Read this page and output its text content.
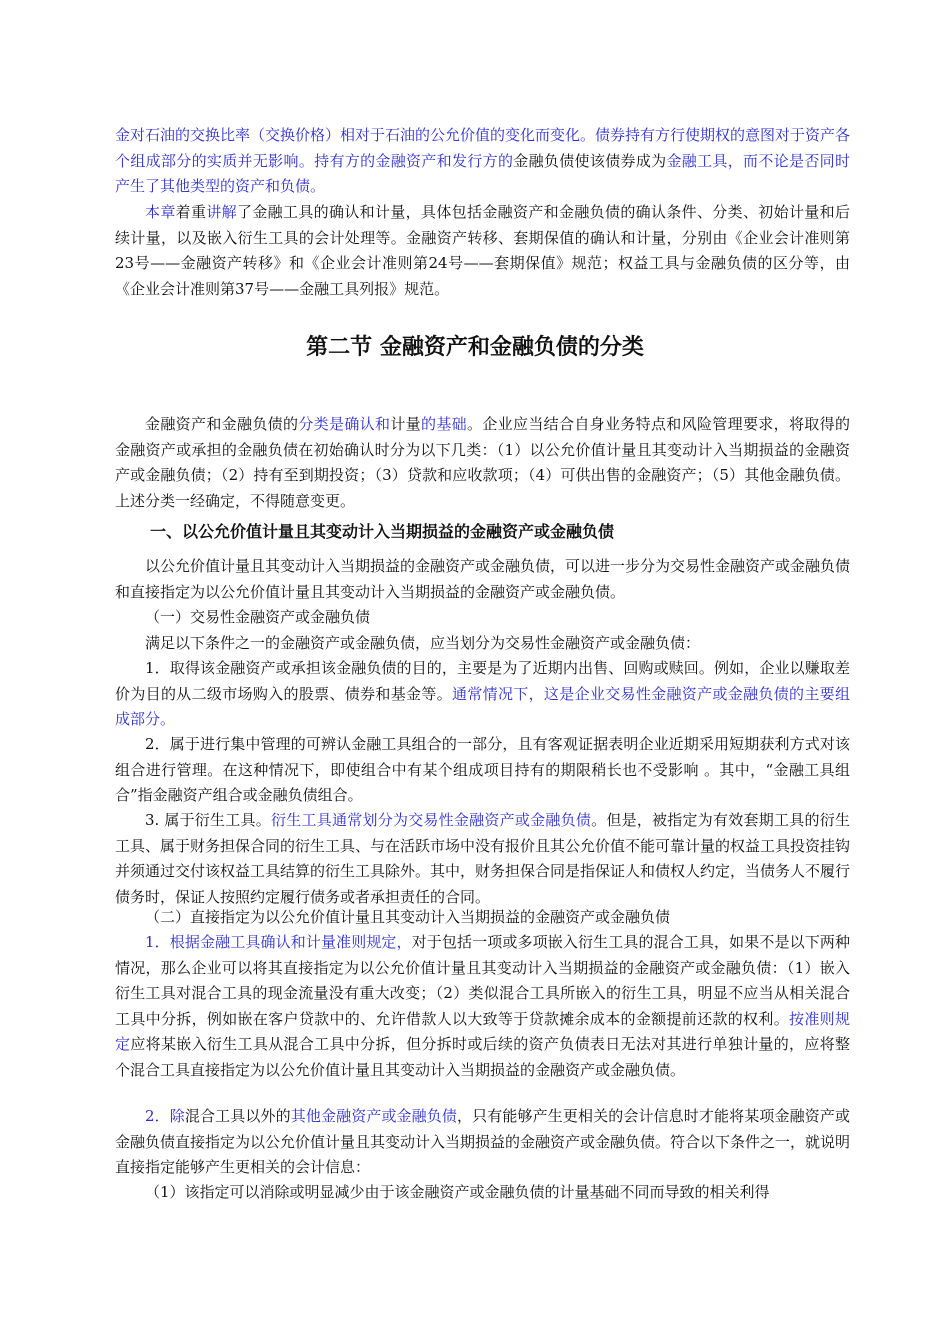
金对石油的交换比率（交换价格）相对于石油的公允价值的变化而变化。债券持有方行使期权的意图对于资产各个组成部分的实质并无影响。持有方的金融资产和发行方的金融负债使该债券成为金融工具，而不论是否同时产生了其他类型的资产和负债。

本章着重讲解了金融工具的确认和计量，具体包括金融资产和金融负债的确认条件、分类、初始计量和后续计量，以及嵌入衍生工具的会计处理等。金融资产转移、套期保值的确认和计量，分别由《企业会计准则第23号——金融资产转移》和《企业会计准则第24号——套期保值》规范；权益工具与金融负债的区分等，由《企业会计准则第37号——金融工具列报》规范。

第二节 金融资产和金融负债的分类

金融资产和金融负债的分类是确认和计量的基础。企业应当结合自身业务特点和风险管理要求，将取得的金融资产或承担的金融负债在初始确认时分为以下几类：（1）以公允价值计量且其变动计入当期损益的金融资产或金融负债；（2）持有至到期投资；（3）贷款和应收款项；（4）可供出售的金融资产；（5）其他金融负债。上述分类一经确定，不得随意变更。

一、以公允价值计量且其变动计入当期损益的金融资产或金融负债

以公允价值计量且其变动计入当期损益的金融资产或金融负债，可以进一步分为交易性金融资产或金融负债和直接指定为以公允价值计量且其变动计入当期损益的金融资产或金融负债。

（一）交易性金融资产或金融负债

满足以下条件之一的金融资产或金融负债，应当划分为交易性金融资产或金融负债：

1．取得该金融资产或承担该金融负债的目的，主要是为了近期内出售、回购或赎回。例如，企业以赚取差价为目的从二级市场购入的股票、债券和基金等。通常情况下，这是企业交易性金融资产或金融负债的主要组成部分。

2．属于进行集中管理的可辨认金融工具组合的一部分，且有客观证据表明企业近期采用短期获利方式对该组合进行管理。在这种情况下，即使组合中有某个组成项目持有的期限稍长也不受影响 。其中，“金融工具组合”指金融资产组合或金融负债组合。

3. 属于衍生工具。衍生工具通常划分为交易性金融资产或金融负债。但是，被指定为有效套期工具的衍生工具、属于财务担保合同的衍生工具、与在活跃市场中没有报价且其公允价值不能可靠计量的权益工具投资挂钩并须通过交付该权益工具结算的衍生工具除外。其中，财务担保合同是指保证人和债权人约定，当债务人不履行债务时，保证人按照约定履行债务或者承担责任的合同。

（二）直接指定为以公允价值计量且其变动计入当期损益的金融资产或金融负债

1．根据金融工具确认和计量准则规定，对于包括一项或多项嵌入衍生工具的混合工具，如果不是以下两种情况，那么企业可以将其直接指定为以公允价值计量且其变动计入当期损益的金融资产或金融负债：（1）嵌入衍生工具对混合工具的现金流量没有重大改变；（2）类似混合工具所嵌入的衍生工具，明显不应当从相关混合工具中分拆，例如嵌在客户贷款中的、允许借款人以大致等于贷款摊余成本的金额提前还款的权利。按准则规定应将某嵌入衍生工具从混合工具中分拆，但分拆时或后续的资产负债表日无法对其进行单独计量的，应将整个混合工具直接指定为以公允价值计量且其变动计入当期损益的金融资产或金融负债。

2．除混合工具以外的其他金融资产或金融负债，只有能够产生更相关的会计信息时才能将某项金融资产或金融负债直接指定为以公允价值计量且其变动计入当期损益的金融资产或金融负债。符合以下条件之一，就说明直接指定能够产生更相关的会计信息：

（1）该指定可以消除或明显减少由于该金融资产或金融负债的计量基础不同而导致的相关利得
